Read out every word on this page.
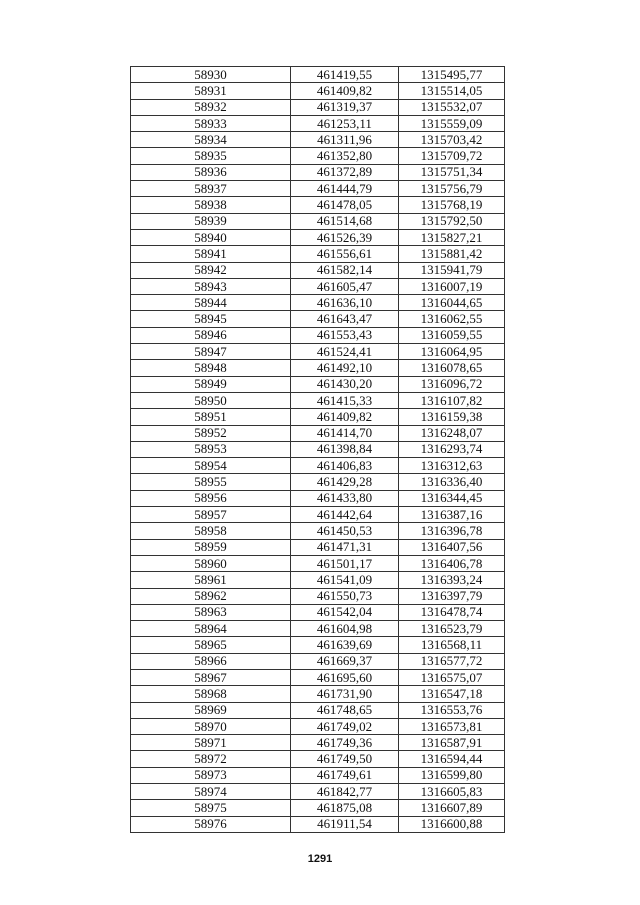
58930	461419,55	1315495,77
58931	461409,82	1315514,05
58932	461319,37	1315532,07
58933	461253,11	1315559,09
58934	461311,96	1315703,42
58935	461352,80	1315709,72
58936	461372,89	1315751,34
58937	461444,79	1315756,79
58938	461478,05	1315768,19
58939	461514,68	1315792,50
58940	461526,39	1315827,21
58941	461556,61	1315881,42
58942	461582,14	1315941,79
58943	461605,47	1316007,19
58944	461636,10	1316044,65
58945	461643,47	1316062,55
58946	461553,43	1316059,55
58947	461524,41	1316064,95
58948	461492,10	1316078,65
58949	461430,20	1316096,72
58950	461415,33	1316107,82
58951	461409,82	1316159,38
58952	461414,70	1316248,07
58953	461398,84	1316293,74
58954	461406,83	1316312,63
58955	461429,28	1316336,40
58956	461433,80	1316344,45
58957	461442,64	1316387,16
58958	461450,53	1316396,78
58959	461471,31	1316407,56
58960	461501,17	1316406,78
58961	461541,09	1316393,24
58962	461550,73	1316397,79
58963	461542,04	1316478,74
58964	461604,98	1316523,79
58965	461639,69	1316568,11
58966	461669,37	1316577,72
58967	461695,60	1316575,07
58968	461731,90	1316547,18
58969	461748,65	1316553,76
58970	461749,02	1316573,81
58971	461749,36	1316587,91
58972	461749,50	1316594,44
58973	461749,61	1316599,80
58974	461842,77	1316605,83
58975	461875,08	1316607,89
58976	461911,54	1316600,88
1291
